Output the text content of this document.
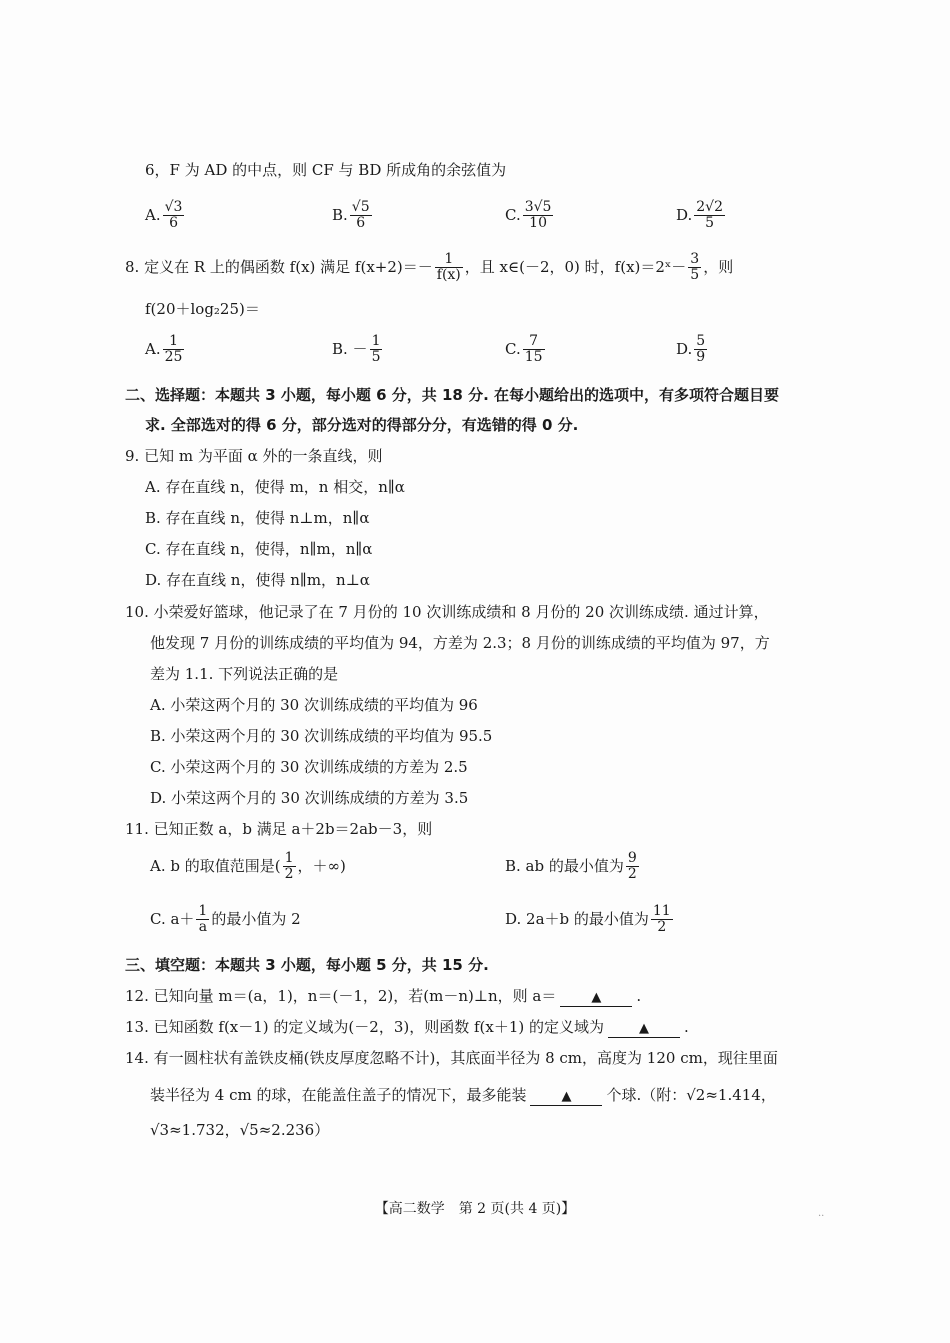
6，F 为 AD 的中点，则 CF 与 BD 所成角的余弦值为
A. $\frac{√3}{6}$	B. $\frac{√5}{6}$	C. $\frac{3√5}{10}$	D. $\frac{2√2}{5}$
8. 定义在 R 上的偶函数 f(x) 满足 $f(x+2)=- \frac{1}{f(x)}$ ，且 x∈(－2，0) 时，f(x)＝2ˣ－ $\frac{3}{5}$ ，则
f(20＋log₂25)＝
A. $\frac{1}{25}$	B. － $\frac{1}{5}$	C. $\frac{7}{15}$	D. $\frac{5}{9}$
二、选择题：本题共 3 小题，每小题 6 分，共 18 分. 在每小题给出的选项中，有多项符合题目要
求. 全部选对的得 6 分，部分选对的得部分分，有选错的得 0 分.
9. 已知 m 为平面 α 外的一条直线，则
A. 存在直线 n，使得 m，n 相交，n∥α
B. 存在直线 n，使得 n⊥m，n∥α
C. 存在直线 n，使得，n∥m，n∥α
D. 存在直线 n，使得 n∥m，n⊥α
10. 小荣爱好篮球，他记录了在 7 月份的 10 次训练成绩和 8 月份的 20 次训练成绩. 通过计算，
他发现 7 月份的训练成绩的平均值为 94，方差为 2.3；8 月份的训练成绩的平均值为 97，方
差为 1.1. 下列说法正确的是
A. 小荣这两个月的 30 次训练成绩的平均值为 96
B. 小荣这两个月的 30 次训练成绩的平均值为 95.5
C. 小荣这两个月的 30 次训练成绩的方差为 2.5
D. 小荣这两个月的 30 次训练成绩的方差为 3.5
11. 已知正数 a，b 满足 a＋2b＝2ab－3，则
A. b 的取值范围是( $\frac{1}{2}$ ，＋∞)	B. ab 的最小值为 $\frac{9}{2}$
C. $a+ \frac{1}{a}$ 的最小值为 2	D. 2a＋b 的最小值为 $\frac{11}{2}$
三、填空题：本题共 3 小题，每小题 5 分，共 15 分.
12. 已知向量 m＝(a，1)，n＝(－1，2)，若(m－n)⊥n，则 a＝	▲ .
13. 已知函数 f(x－1) 的定义域为(－2，3)，则函数 f(x＋1) 的定义域为	▲ .
14. 有一圆柱状有盖铁皮桶(铁皮厚度忽略不计)，其底面半径为 8 cm，高度为 120 cm，现往里面
装半径为 4 cm 的球，在能盖住盖子的情况下，最多能装	▲ 个球.（附：√2≈1.414，
√3≈1.732，√5≈2.236）
【高二数学　第 2 页(共 4 页)】	..
